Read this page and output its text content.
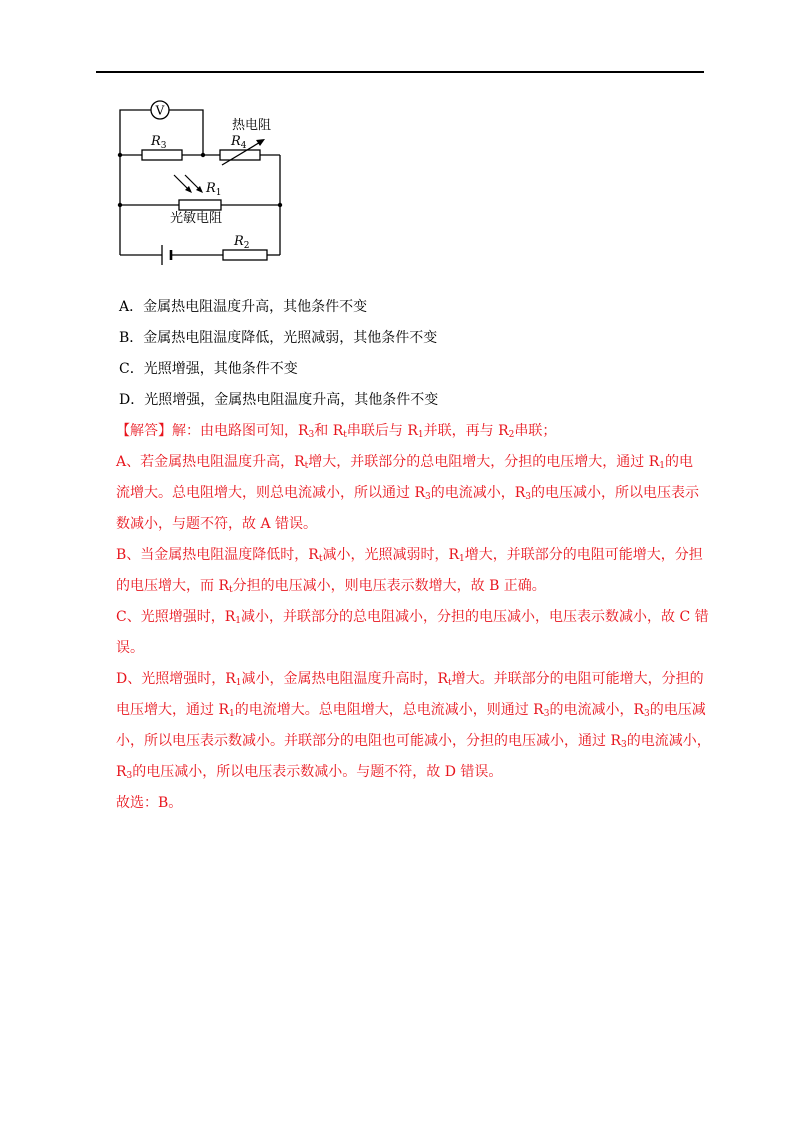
V
R3	R4
热电阻
R1
光敏电阻
R2
A．金属热电阻温度升高，其他条件不变
B．金属热电阻温度降低，光照减弱，其他条件不变
C．光照增强，其他条件不变
D．光照增强，金属热电阻温度升高，其他条件不变
【解答】解：由电路图可知，$R_3$和 $R_t$串联后与 $R_1$并联，再与 $R_2$串联；
A、若金属热电阻温度升高，$R_t$增大，并联部分的总电阻增大，分担的电压增大，通过 $R_1$的电
流增大。总电阻增大，则总电流减小，所以通过 $R_3$的电流减小，$R_3$的电压减小，所以电压表示
数减小，与题不符，故 A 错误。
B、当金属热电阻温度降低时，$R_t$减小，光照减弱时，$R_1$增大，并联部分的电阻可能增大，分担
的电压增大，而 $R_t$分担的电压减小，则电压表示数增大，故 B 正确。
C、光照增强时，$R_1$减小，并联部分的总电阻减小，分担的电压减小，电压表示数减小，故 C 错
误。
D、光照增强时，$R_1$减小，金属热电阻温度升高时，$R_t$增大。并联部分的电阻可能增大，分担的
电压增大，通过 $R_1$的电流增大。总电阻增大，总电流减小，则通过 $R_3$的电流减小，$R_3$的电压减
小，所以电压表示数减小。并联部分的电阻也可能减小，分担的电压减小，通过 $R_3$的电流减小，
$R_3$的电压减小，所以电压表示数减小。与题不符，故 D 错误。
故选：B。
